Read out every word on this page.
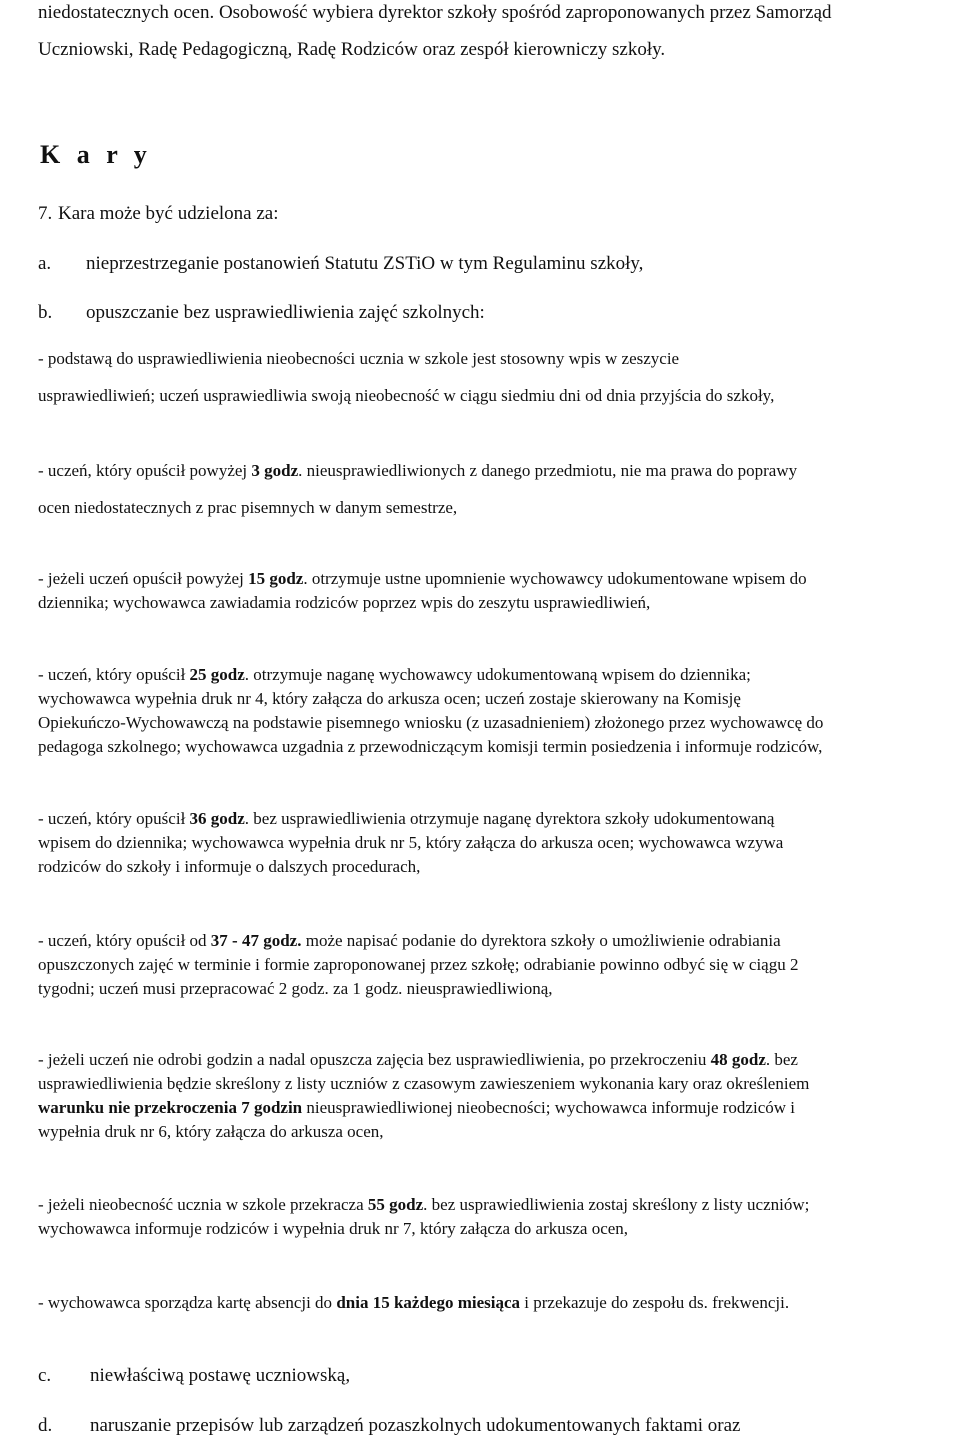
niedostatecznych ocen. Osobowość wybiera dyrektor szkoły spośród zaproponowanych przez Samorząd
Uczniowski, Radę Pedagogiczną, Radę Rodziców oraz zespół kierowniczy szkoły.
K a r y
7. Kara może być udzielona za:
a. nieprzestrzeganie postanowień Statutu ZSTiO w tym Regulaminu szkoły,
b. opuszczanie bez usprawiedliwienia zajęć szkolnych:
- podstawą do usprawiedliwienia nieobecności ucznia w szkole jest stosowny wpis w zeszycie
usprawiedliwień; uczeń usprawiedliwia swoją nieobecność w ciągu siedmiu dni od dnia przyjścia do szkoły,
- uczeń, który opuścił powyżej 3 godz. nieusprawiedliwionych z danego przedmiotu, nie ma prawa do poprawy
ocen niedostatecznych z prac pisemnych w danym semestrze,
- jeżeli uczeń opuścił powyżej 15 godz. otrzymuje ustne upomnienie wychowawcy udokumentowane wpisem do
dziennika; wychowawca zawiadamia rodziców poprzez wpis do zeszytu usprawiedliwień,
- uczeń, który opuścił 25 godz. otrzymuje naganę wychowawcy udokumentowaną wpisem do dziennika;
wychowawca wypełnia druk nr 4, który załącza do arkusza ocen; uczeń zostaje skierowany na Komisję
Opiekuńczo-Wychowawczą na podstawie pisemnego wniosku (z uzasadnieniem) złożonego przez wychowawcę do
pedagoga szkolnego; wychowawca uzgadnia z przewodniczącym komisji termin posiedzenia i informuje rodziców,
- uczeń, który opuścił 36 godz. bez usprawiedliwienia otrzymuje naganę dyrektora szkoły udokumentowaną
wpisem do dziennika; wychowawca wypełnia druk nr 5, który załącza do arkusza ocen; wychowawca wzywa
rodziców do szkoły i informuje o dalszych procedurach,
- uczeń, który opuścił od 37 - 47 godz. może napisać podanie do dyrektora szkoły o umożliwienie odrabiania
opuszczonych zajęć w terminie i formie zaproponowanej przez szkołę; odrabianie powinno odbyć się w ciągu 2
tygodni; uczeń musi przepracować 2 godz. za 1 godz. nieusprawiedliwioną,
- jeżeli uczeń nie odrobi godzin a nadal opuszcza zajęcia bez usprawiedliwienia, po przekroczeniu 48 godz. bez
usprawiedliwienia będzie skreślony z listy uczniów z czasowym zawieszeniem wykonania kary oraz określeniem
warunku nie przekroczenia 7 godzin nieusprawiedliwionej nieobecności; wychowawca informuje rodziców i
wypełnia druk nr 6, który załącza do arkusza ocen,
- jeżeli nieobecność ucznia w szkole przekracza 55 godz. bez usprawiedliwienia zostaj skreślony z listy uczniów;
wychowawca informuje rodziców i wypełnia druk nr 7, który załącza do arkusza ocen,
- wychowawca sporządza kartę absencji do dnia 15 każdego miesiąca i przekazuje do zespołu ds. frekwencji.
c. niewłaściwą postawę uczniowską,
d. naruszanie przepisów lub zarządzeń pozaszkolnych udokumentowanych faktami oraz
